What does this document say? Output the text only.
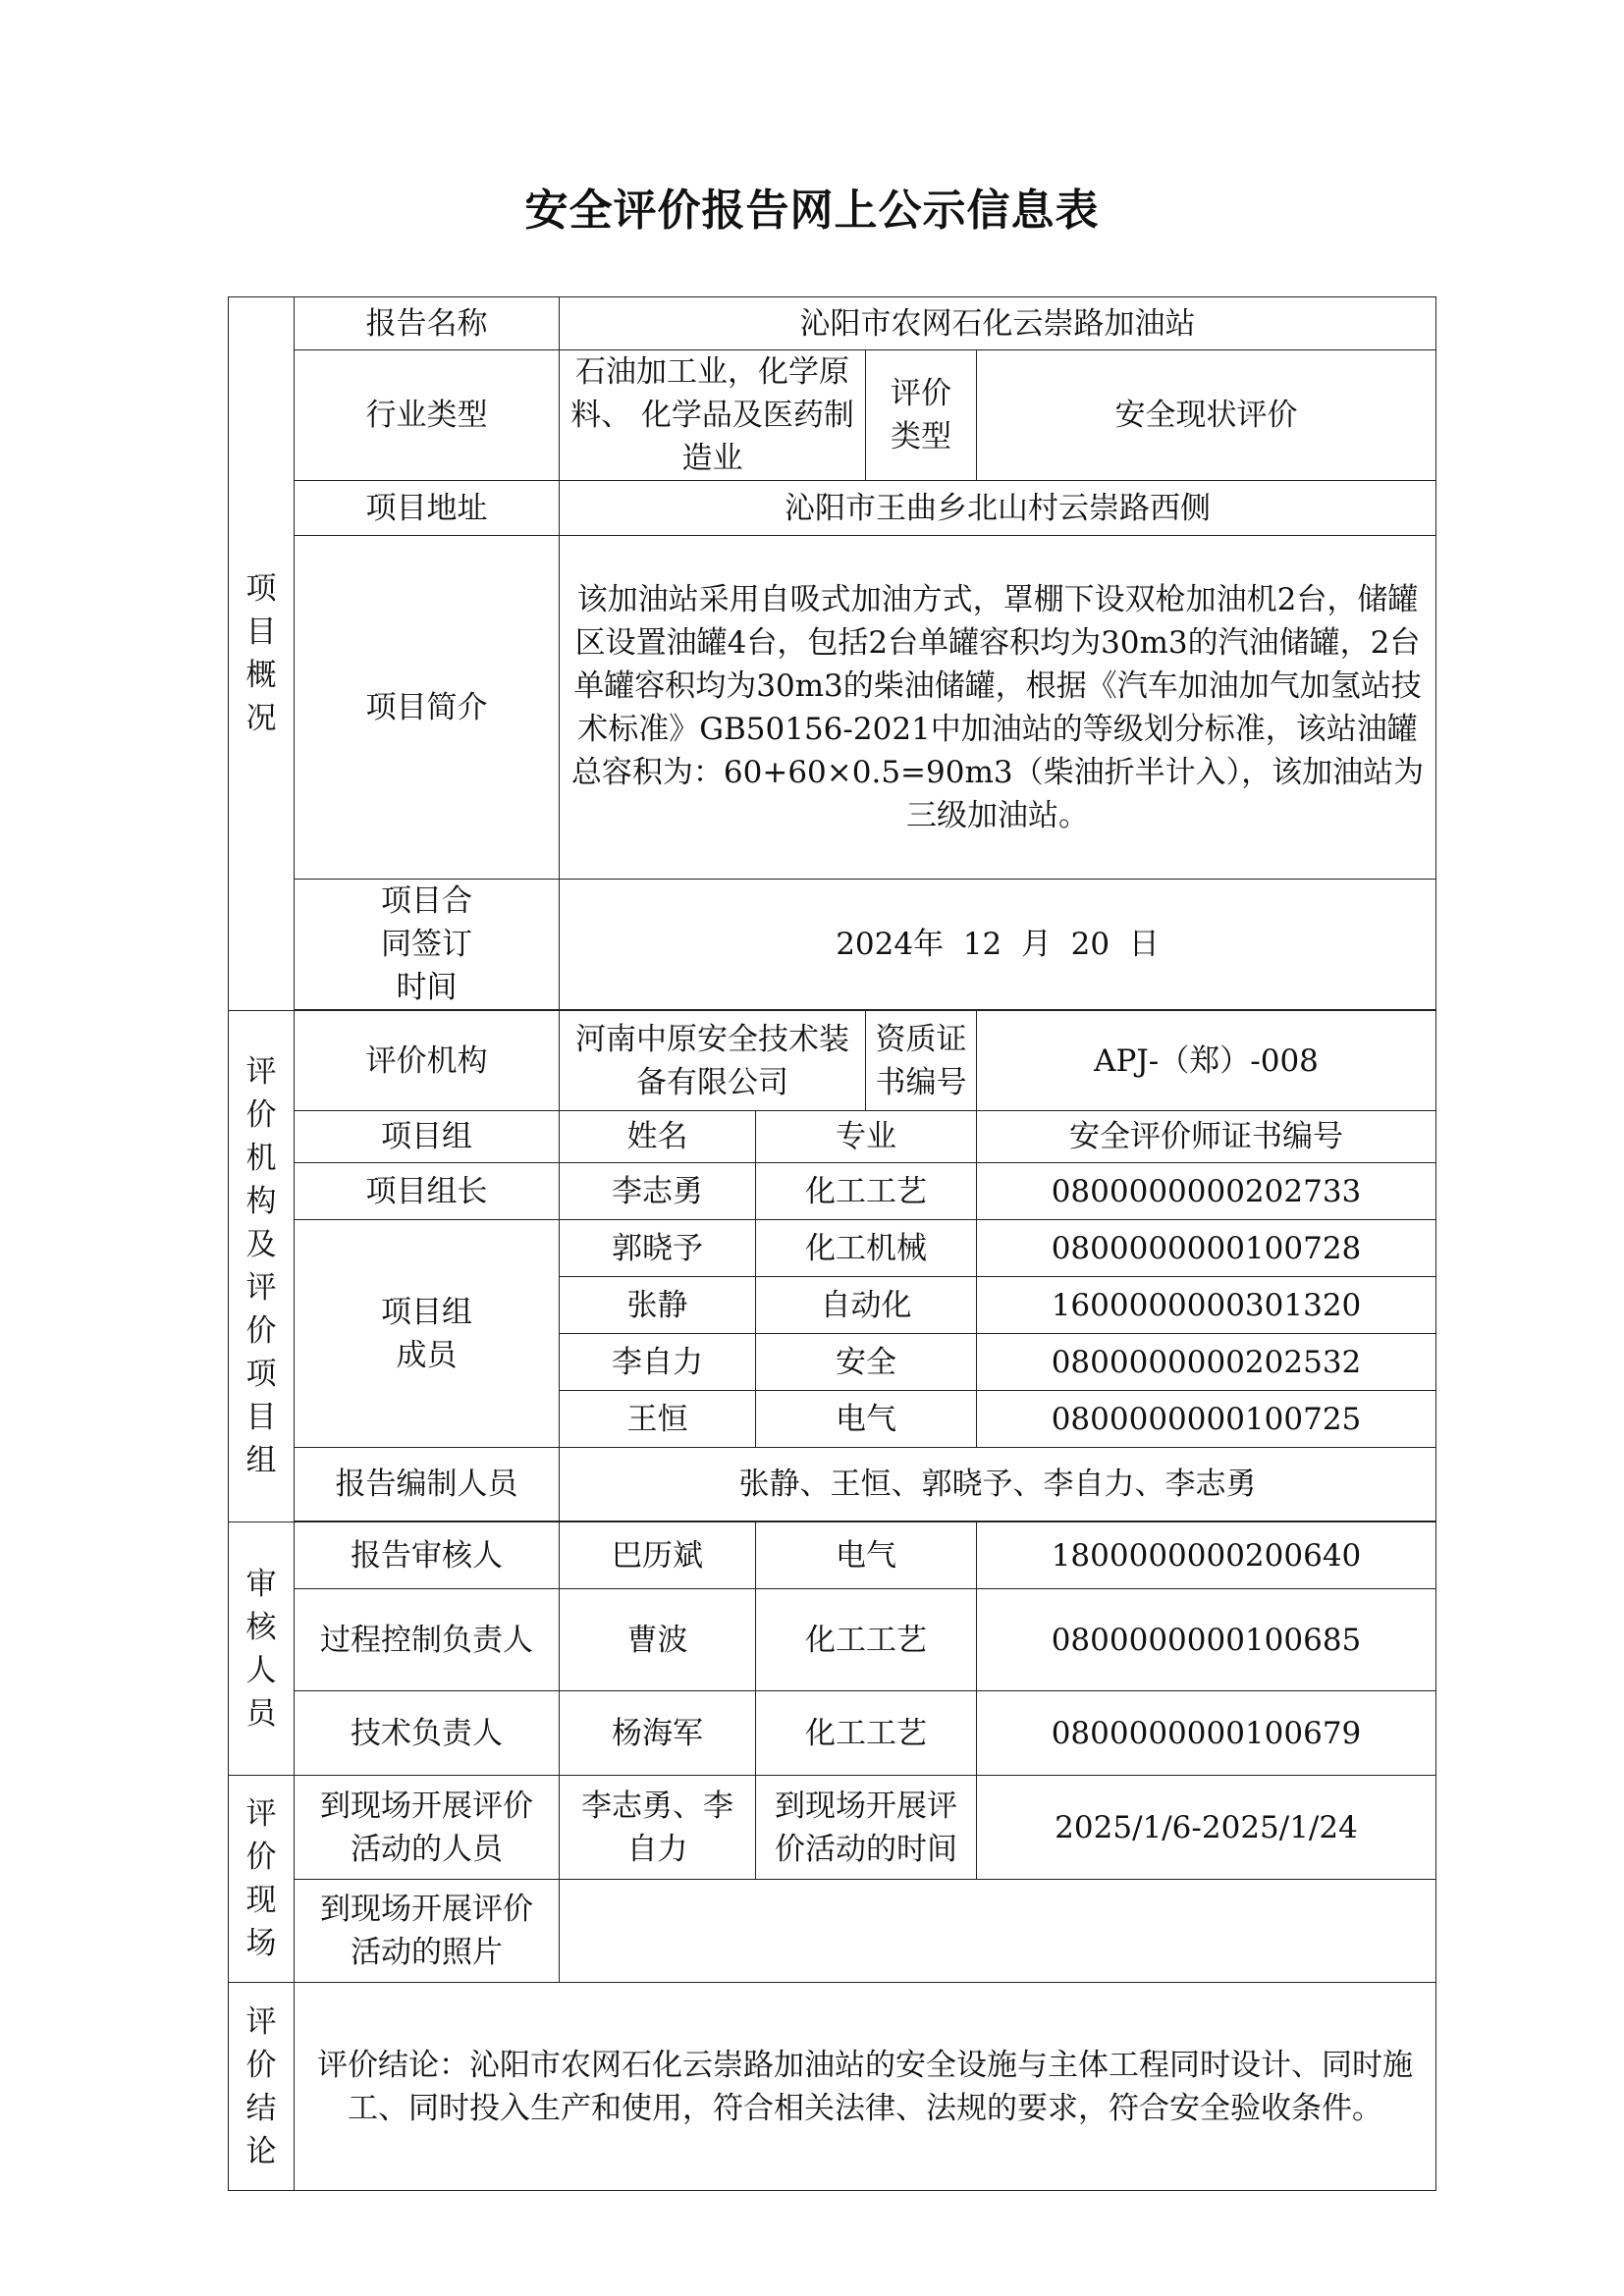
安全评价报告网上公示信息表
项目概况	报告名称	沁阳市农网石化云崇路加油站			
	行业类型	石油加工业，化学原料、 化学品及医药制造业		评价类型	安全现状评价
	项目地址	沁阳市王曲乡北山村云崇路西侧			
	项目简介	该加油站采用自吸式加油方式，罩棚下设双枪加油机2台，储罐区设置油罐4台，包括2台单罐容积均为30m3的汽油储罐，2台单罐容积均为30m3的柴油储罐，根据《汽车加油加气加氢站技术标准》GB50156-2021中加油站的等级划分标准，该站油罐总容积为：60+60×0.5=90m3（柴油折半计入），该加油站为三级加油站。			

	项目合同签订时间	2024年  12  月  20  日			

评价机构及评价项目组	评价机构	河南中原安全技术装备有限公司		资质证书编号	APJ-（郑）-008
	项目组	姓名	专业		安全评价师证书编号
	项目组长	李志勇	化工工艺		0800000000202733

	项目组成员	郭晓予	化工机械		0800000000100728
		张静	自动化		1600000000301320
		李自力	安全		0800000000202532
		王恒	电气		0800000000100725
	报告编制人员	张静、王恒、郭晓予、李自力、李志勇			

审核人员	报告审核人	巴历斌	电气		1800000000200640
	过程控制负责人	曹波	化工工艺		0800000000100685
	技术负责人	杨海军	化工工艺		0800000000100679
评价现场	到现场开展评价活动的人员	李志勇、李自力	到现场开展评价活动的时间		2025/1/6-2025/1/24

	到现场开展评价活动的照片				

评价结论	评价结论：沁阳市农网石化云崇路加油站的安全设施与主体工程同时设计、同时施工、同时投入生产和使用，符合相关法律、法规的要求，符合安全验收条件。				
